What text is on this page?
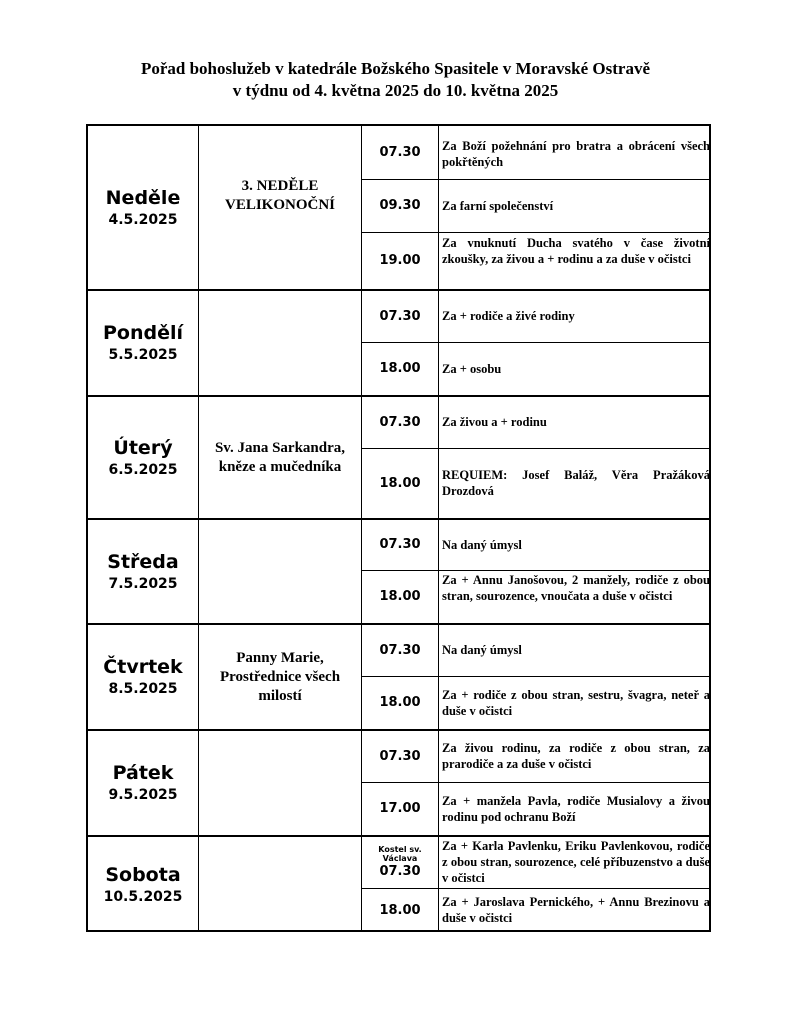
Pořad bohoslužeb v katedrále Božského Spasitele v Moravské Ostravě
v týdnu od 4. května 2025 do 10. května 2025
Neděle
4.5.2025
3. NEDĚLE VELIKONOČNÍ
07.30 Za Boží požehnání pro bratra a obrácení všech pokřtěných
09.30 Za farní společenství
19.00
Za vnuknutí Ducha svatého v čase životní zkoušky, za živou a + rodinu a za duše v očistci
Pondělí
5.5.2025
07.30 Za + rodiče a živé rodiny
18.00 Za + osobu
Úterý
6.5.2025
Sv. Jana Sarkandra, kněze a mučedníka
07.30 Za živou a + rodinu
18.00
REQUIEM: Josef Baláž, Věra Pražáková Drozdová
Středa
7.5.2025
07.30 Na daný úmysl
18.00
Za + Annu Janošovou, 2 manžely, rodiče z obou stran, sourozence, vnoučata a duše v očistci
Čtvrtek
8.5.2025
Panny Marie, Prostřednice všech milostí
07.30 Na daný úmysl
18.00 Za + rodiče z obou stran, sestru, švagra, neteř a duše v očistci
Pátek
9.5.2025
07.30
Za živou rodinu, za rodiče z obou stran, za prarodiče a za duše v očistci
17.00 Za + manžela Pavla, rodiče Musialovy a živou rodinu pod ochranu Boží
Sobota
10.5.2025
Kostel sv. Václava
07.30
Za + Karla Pavlenku, Eriku Pavlenkovou, rodiče z obou stran, sourozence, celé příbuzenstvo a duše v očistci
18.00
Za + Jaroslava Pernického, + Annu Brezinovu a duše v očistci
